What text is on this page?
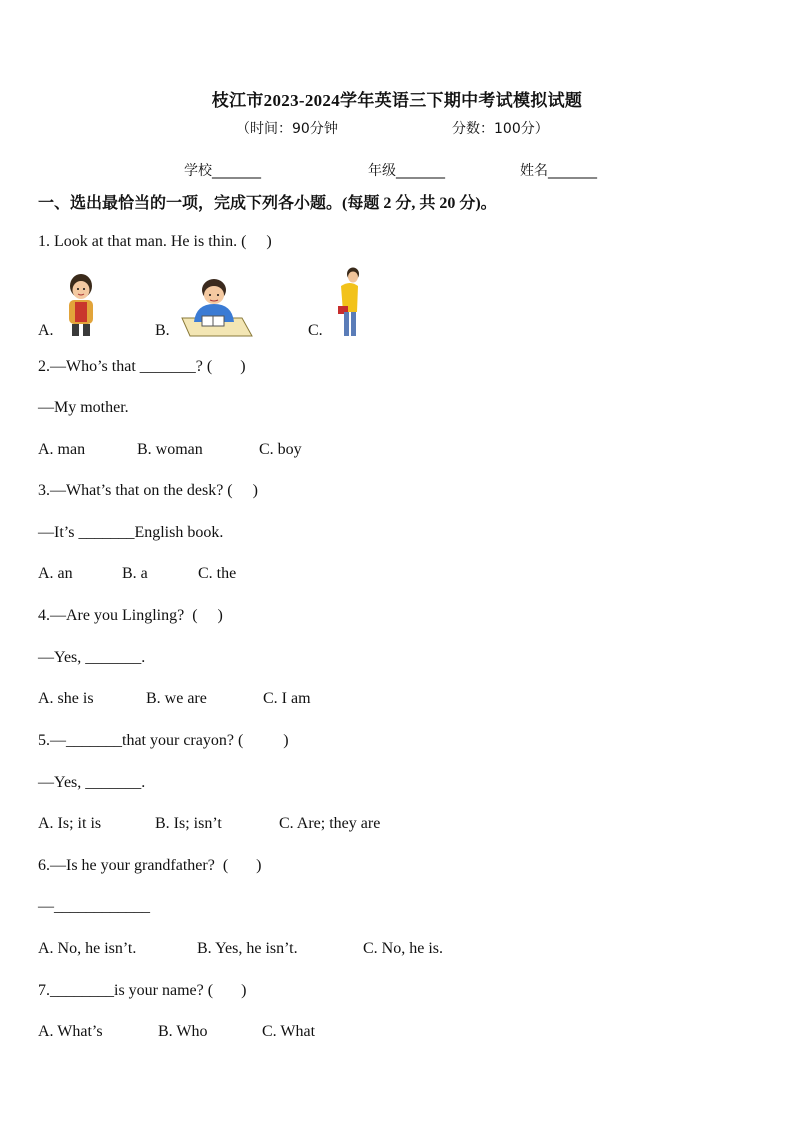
枝江市2023-2024学年英语三下期中考试模拟试题
（时间：90分钟	分数：100分）
学校_______	年级_______	姓名_______
一、选出最恰当的一项，完成下列各小题。(每题 2 分, 共 20 分)。
1. Look at that man. He is thin. (     )
A.	B.	C.
2.—Who’s that _______? (       )
—My mother.
A. man	B. woman	C. boy
3.—What’s that on the desk? (     )
—It’s _______English book.
A. an	B. a	C. the
4.—Are you Lingling?  (     )
—Yes, _______.
A. she is	B. we are	C. I am
5.—_______that your crayon? (          )
—Yes, _______.
A. Is; it is	B. Is; isn’t	C. Are; they are
6.—Is he your grandfather?  (       )
—____________
A. No, he isn’t.	B. Yes, he isn’t.	C. No, he is.
7.________is your name? (       )
A. What’s	B. Who	C. What
